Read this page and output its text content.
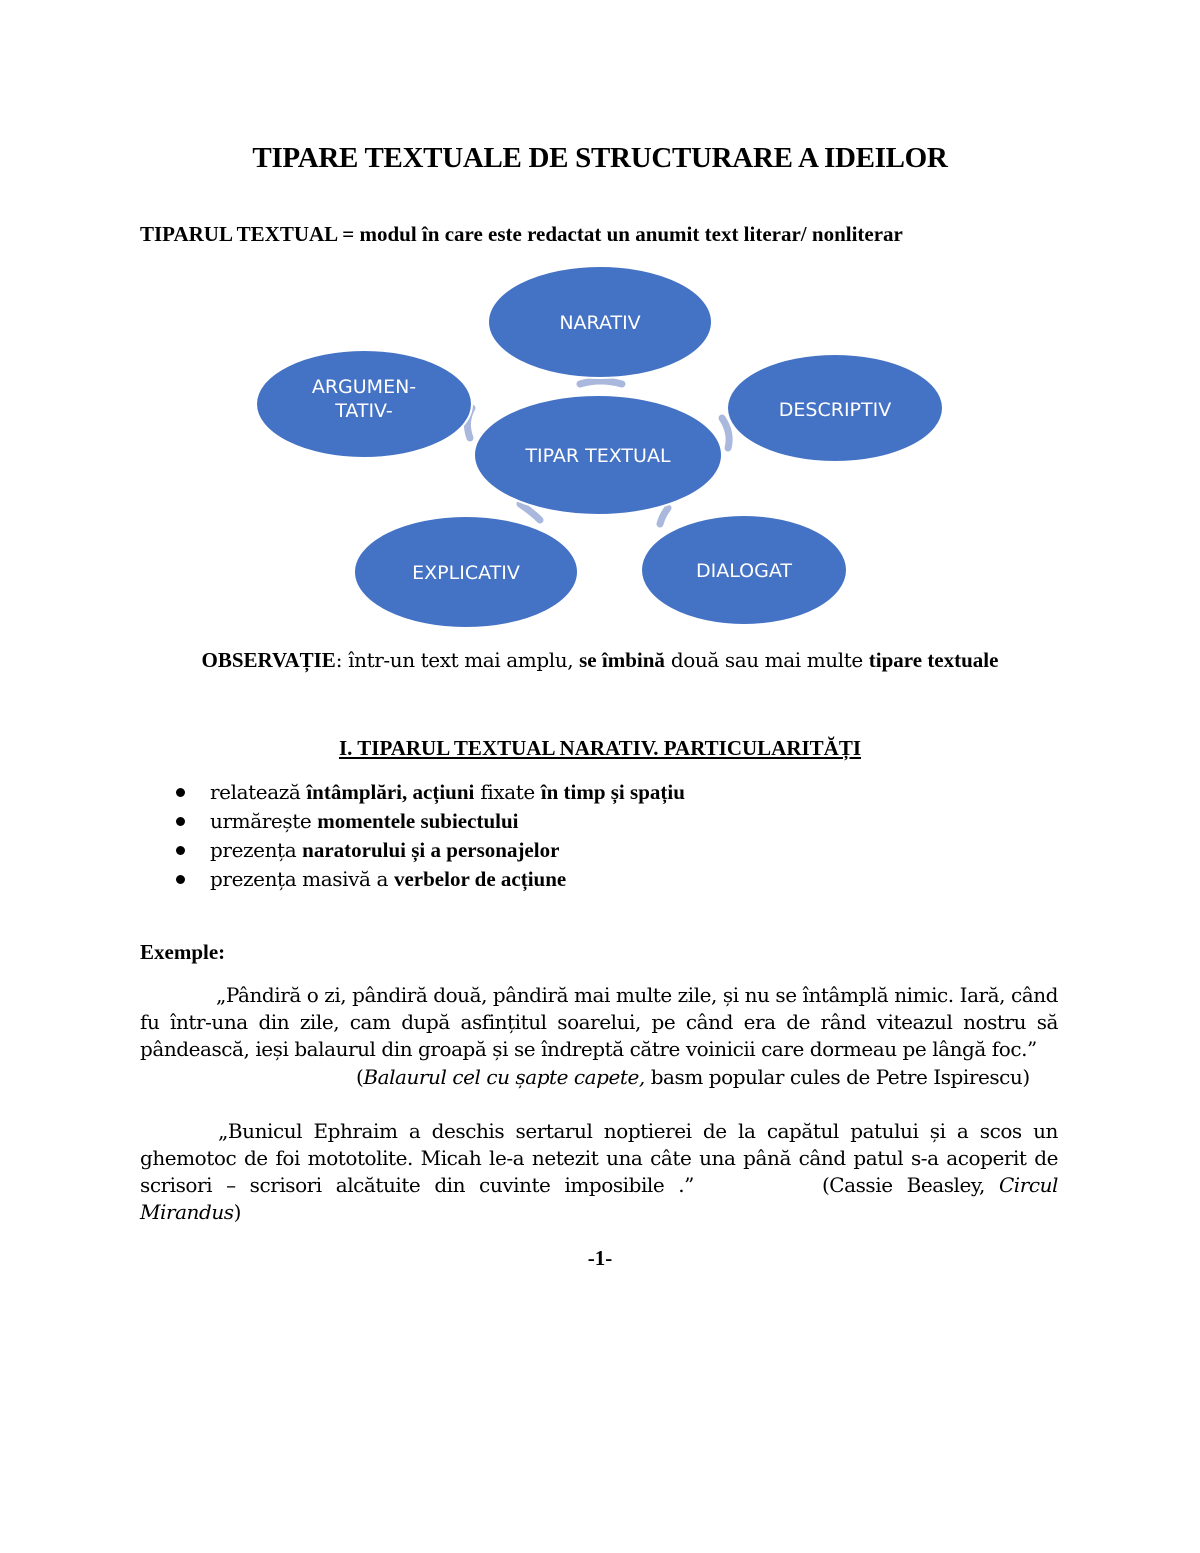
TIPARE TEXTUALE DE STRUCTURARE A IDEILOR
TIPARUL TEXTUAL = modul în care este redactat un anumit text literar/ nonliterar
NARATIV
DESCRIPTIV
DIALOGAT
EXPLICATIV
ARGUMEN-
TATIV-
TIPAR TEXTUAL
OBSERVAȚIE: într-un text mai amplu, se îmbină două sau mai multe tipare textuale
I. TIPARUL TEXTUAL NARATIV. PARTICULARITĂȚI
relatează întâmplări, acțiuni fixate în timp și spațiu
urmărește momentele subiectului
prezența naratorului și a personajelor
prezența masivă a verbelor de acțiune
Exemple:
„Pândiră o zi, pândiră două, pândiră mai multe zile, și nu se întâmplă nimic. Iară, când fu într-una din zile, cam după asfințitul soarelui, pe când era de rând viteazul nostru să pândească, ieși balaurul din groapă și se îndreptă către voinicii care dormeau pe lângă foc.”
(Balaurul cel cu șapte capete, basm popular cules de Petre Ispirescu)
„Bunicul Ephraim a deschis sertarul noptierei de la capătul patului și a scos un ghemotoc de foi mototolite. Micah le-a netezit una câte una până când patul s-a acoperit de scrisori – scrisori alcătuite din cuvinte imposibile .”	(Cassie Beasley, Circul Mirandus)
-1-
